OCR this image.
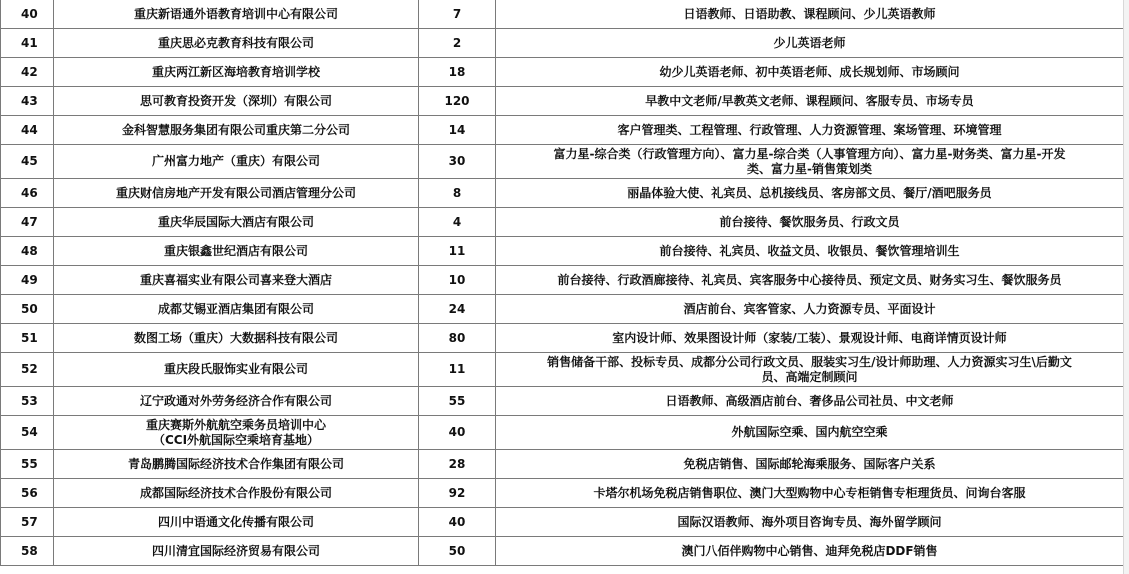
40	重庆新语通外语教育培训中心有限公司	7	日语教师、日语助教、课程顾问、少儿英语教师

41	重庆思必克教育科技有限公司	2	少儿英语老师

42	重庆两江新区海培教育培训学校	18	幼少儿英语老师、初中英语老师、成长规划师、市场顾问

43	思可教育投资开发（深圳）有限公司	120	早教中文老师/早教英文老师、课程顾问、客服专员、市场专员

44	金科智慧服务集团有限公司重庆第二分公司	14	客户管理类、工程管理、行政管理、人力资源管理、案场管理、环境管理

45	广州富力地产（重庆）有限公司	30	富力星-综合类（行政管理方向）、富力星-综合类（人事管理方向）、富力星-财务类、富力星-开发
类、富力星-销售策划类

46	重庆财信房地产开发有限公司酒店管理分公司	8	丽晶体验大使、礼宾员、总机接线员、客房部文员、餐厅/酒吧服务员

47	重庆华辰国际大酒店有限公司	4	前台接待、餐饮服务员、行政文员

48	重庆银鑫世纪酒店有限公司	11	前台接待、礼宾员、收益文员、收银员、餐饮管理培训生

49	重庆喜福实业有限公司喜来登大酒店	10	前台接待、行政酒廊接待、礼宾员、宾客服务中心接待员、预定文员、财务实习生、餐饮服务员

50	成都艾锡亚酒店集团有限公司	24	酒店前台、宾客管家、人力资源专员、平面设计

51	数图工场（重庆）大数据科技有限公司	80	室内设计师、效果图设计师（家装/工装）、景观设计师、电商详情页设计师

52	重庆段氏服饰实业有限公司	11	销售储备干部、投标专员、成都分公司行政文员、服装实习生/设计师助理、人力资源实习生\后勤文
员、高端定制顾问

53	辽宁政通对外劳务经济合作有限公司	55	日语教师、高级酒店前台、奢侈品公司社员、中文老师

54	重庆赛斯外航航空乘务员培训中心
（CCI外航国际空乘培育基地）	40	外航国际空乘、国内航空空乘

55	青岛鹏腾国际经济技术合作集团有限公司	28	免税店销售、国际邮轮海乘服务、国际客户关系

56	成都国际经济技术合作股份有限公司	92	卡塔尔机场免税店销售职位、澳门大型购物中心专柜销售专柜理货员、问询台客服

57	四川中语通文化传播有限公司	40	国际汉语教师、海外项目咨询专员、海外留学顾问

58	四川清宜国际经济贸易有限公司	50	澳门八佰伴购物中心销售、迪拜免税店DDF销售
